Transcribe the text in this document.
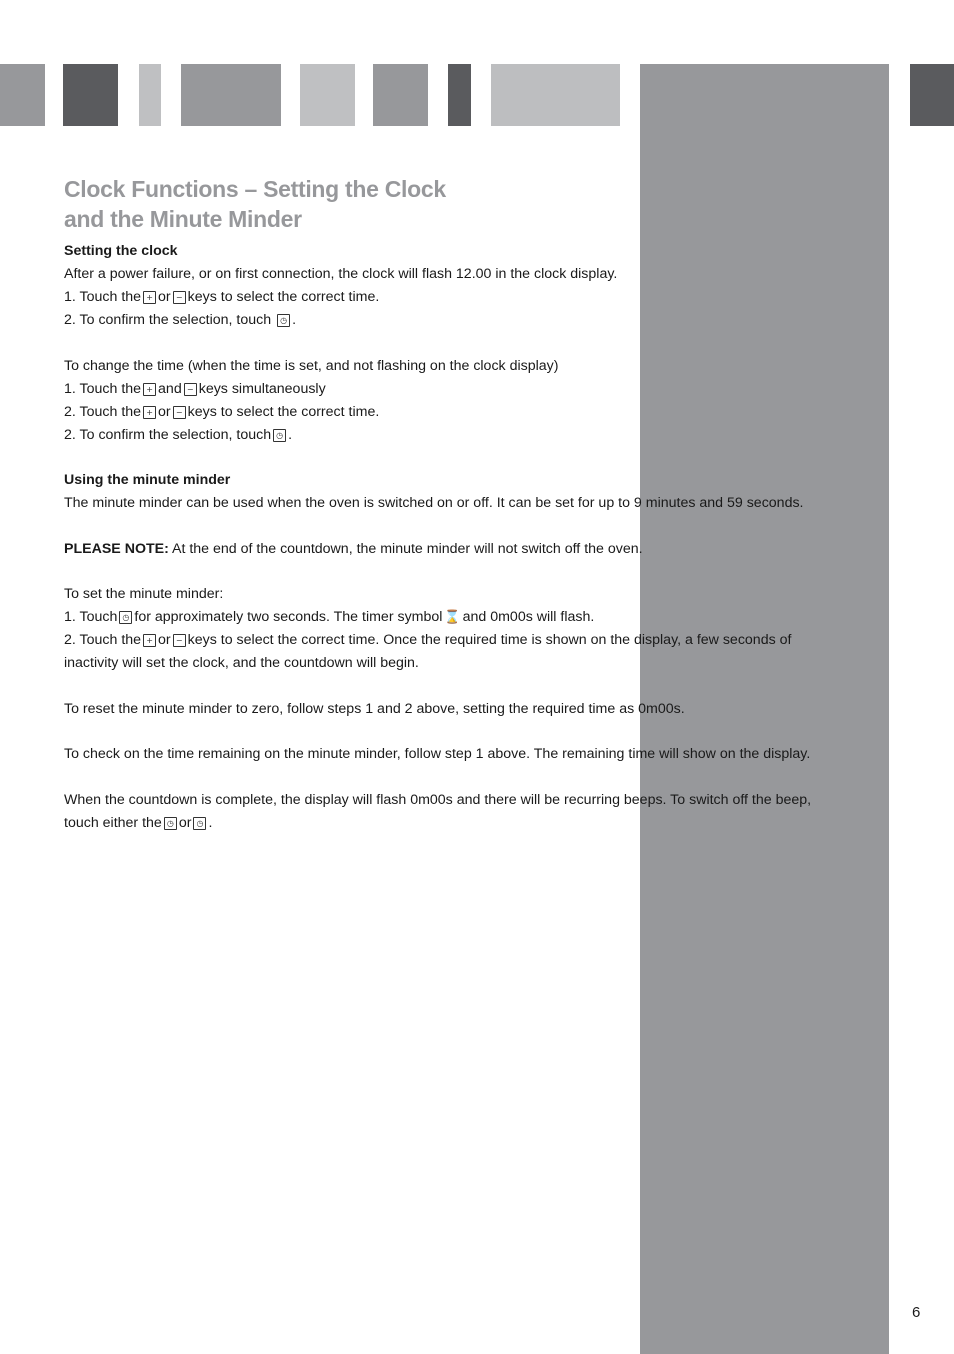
Clock Functions – Setting the Clock
and the Minute Minder

Setting the clock

After a power failure, or on first connection, the clock will flash 12.00 in the clock display.

1. Touch the + or − keys to select the correct time.

2. To confirm the selection, touch ◷ .

To change the time (when the time is set, and not flashing on the clock display)

1. Touch the + and − keys simultaneously

2. Touch the + or − keys to select the correct time.

2. To confirm the selection, touch ◷ .

Using the minute minder

The minute minder can be used when the oven is switched on or off. It can be set for up to 9 minutes and 59 seconds.

PLEASE NOTE: At the end of the countdown, the minute minder will not switch off the oven.

To set the minute minder:

1. Touch ◷ for approximately two seconds. The timer symbol ⌛ and 0m00s will flash.

2. Touch the + or − keys to select the correct time. Once the required time is shown on the display, a few seconds of inactivity will set the clock, and the countdown will begin.

To reset the minute minder to zero, follow steps 1 and 2 above, setting the required time as 0m00s.

To check on the time remaining on the minute minder, follow step 1 above. The remaining time will show on the display.

When the countdown is complete, the display will flash 0m00s and there will be recurring beeps. To switch off the beep, touch either the ◷ or ◷ .

6
